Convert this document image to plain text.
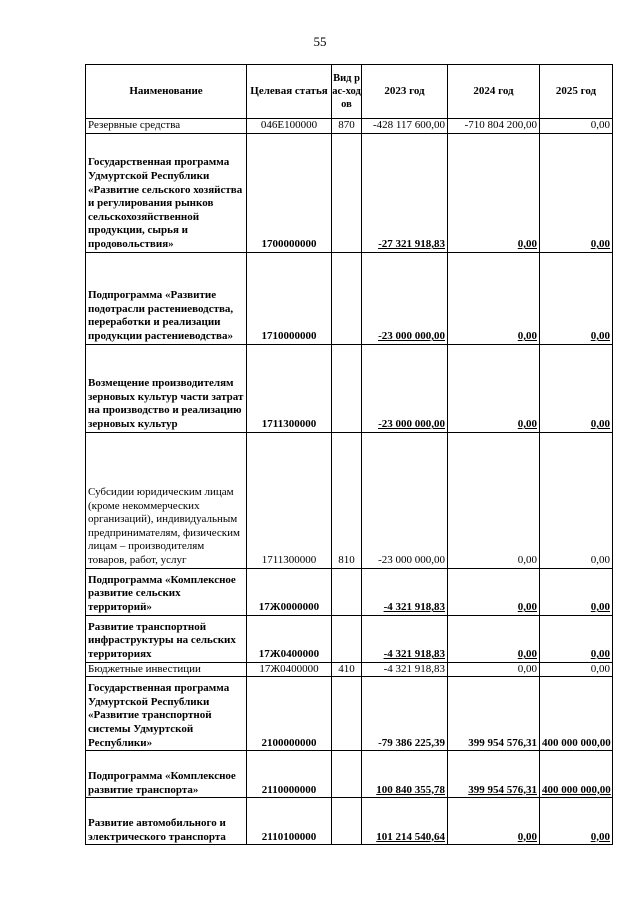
55
Наименование	Целевая статья	Вид рас-ходов	2023 год	2024 год	2025 год
Резервные средства	046E100000	870	-428 117 600,00	-710 804 200,00	0,00
Государственная программа Удмуртской Республики «Развитие сельского хозяйства и регулирования рынков сельскохозяйственной продукции, сырья и продовольствия»	1700000000		-27 321 918,83	0,00	0,00
Подпрограмма «Развитие подотрасли растениеводства, переработки и реализации продукции растениеводства»	1710000000		-23 000 000,00	0,00	0,00
Возмещение производителям зерновых культур части затрат на производство и реализацию зерновых культур	1711300000		-23 000 000,00	0,00	0,00
Субсидии юридическим лицам (кроме некоммерческих организаций), индивидуальным предпринимателям, физическим лицам – производителям товаров, работ, услуг	1711300000	810	-23 000 000,00	0,00	0,00
Подпрограмма «Комплексное развитие сельских территорий»	17Ж0000000		-4 321 918,83	0,00	0,00
Развитие транспортной инфраструктуры на сельских территориях	17Ж0400000		-4 321 918,83	0,00	0,00
Бюджетные инвестиции	17Ж0400000	410	-4 321 918,83	0,00	0,00
Государственная программа Удмуртской Республики «Развитие транспортной системы Удмуртской Республики»	2100000000		-79 386 225,39	399 954 576,31	400 000 000,00
Подпрограмма «Комплексное развитие транспорта»	2110000000		100 840 355,78	399 954 576,31	400 000 000,00
Развитие автомобильного и электрического транспорта	2110100000		101 214 540,64	0,00	0,00
